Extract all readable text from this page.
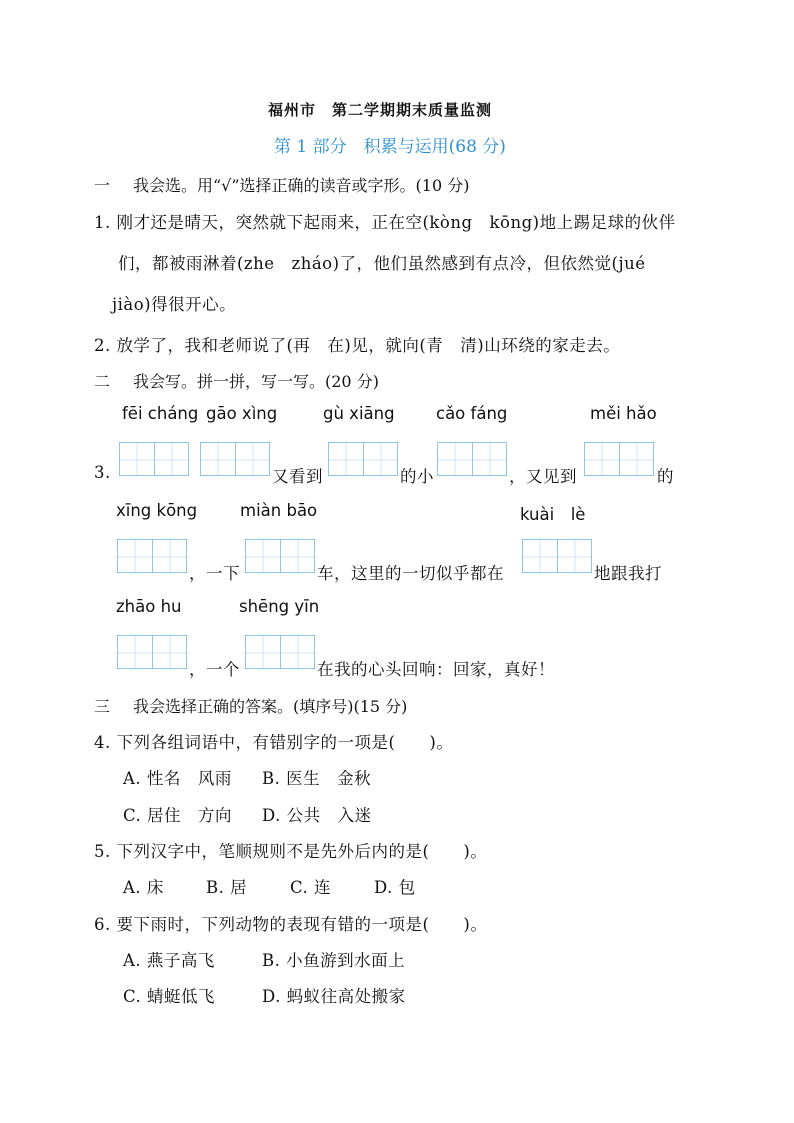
福州市　第二学期期末质量监测
第 1 部分　积累与运用(68 分)
一 我会选。用“√”选择正确的读音或字形。(10 分)
1. 刚才还是晴天，突然就下起雨来，正在空(kòng　kōng)地上踢足球的伙伴
们，都被雨淋着(zhe　zháo)了，他们虽然感到有点冷，但依然觉(jué
jiào)得很开心。
2. 放学了，我和老师说了(再　在)见，就向(青　清)山环绕的家走去。
二 我会写。拼一拼，写一写。(20 分)
fēi cháng gāo xìng	gù xiāng	cǎo fáng	měi hǎo
3.	又看到	的小	，又见到	的
xīng kōng	miàn bāo	kuài　lè
，一下	车，这里的一切似乎都在	地跟我打
zhāo hu	shēng yīn
，一个	在我的心头回响：回家，真好！
三 我会选择正确的答案。(填序号)(15 分)
4. 下列各组词语中，有错别字的一项是(　　)。
A. 性名　风雨 B. 医生　金秋
C. 居住　方向 D. 公共　入迷
5. 下列汉字中，笔顺规则不是先外后内的是(　　)。
A. 床	B. 居	C. 连	D. 包
6. 要下雨时，下列动物的表现有错的一项是(　　)。
A. 燕子高飞	B. 小鱼游到水面上
C. 蜻蜓低飞	D. 蚂蚁往高处搬家
